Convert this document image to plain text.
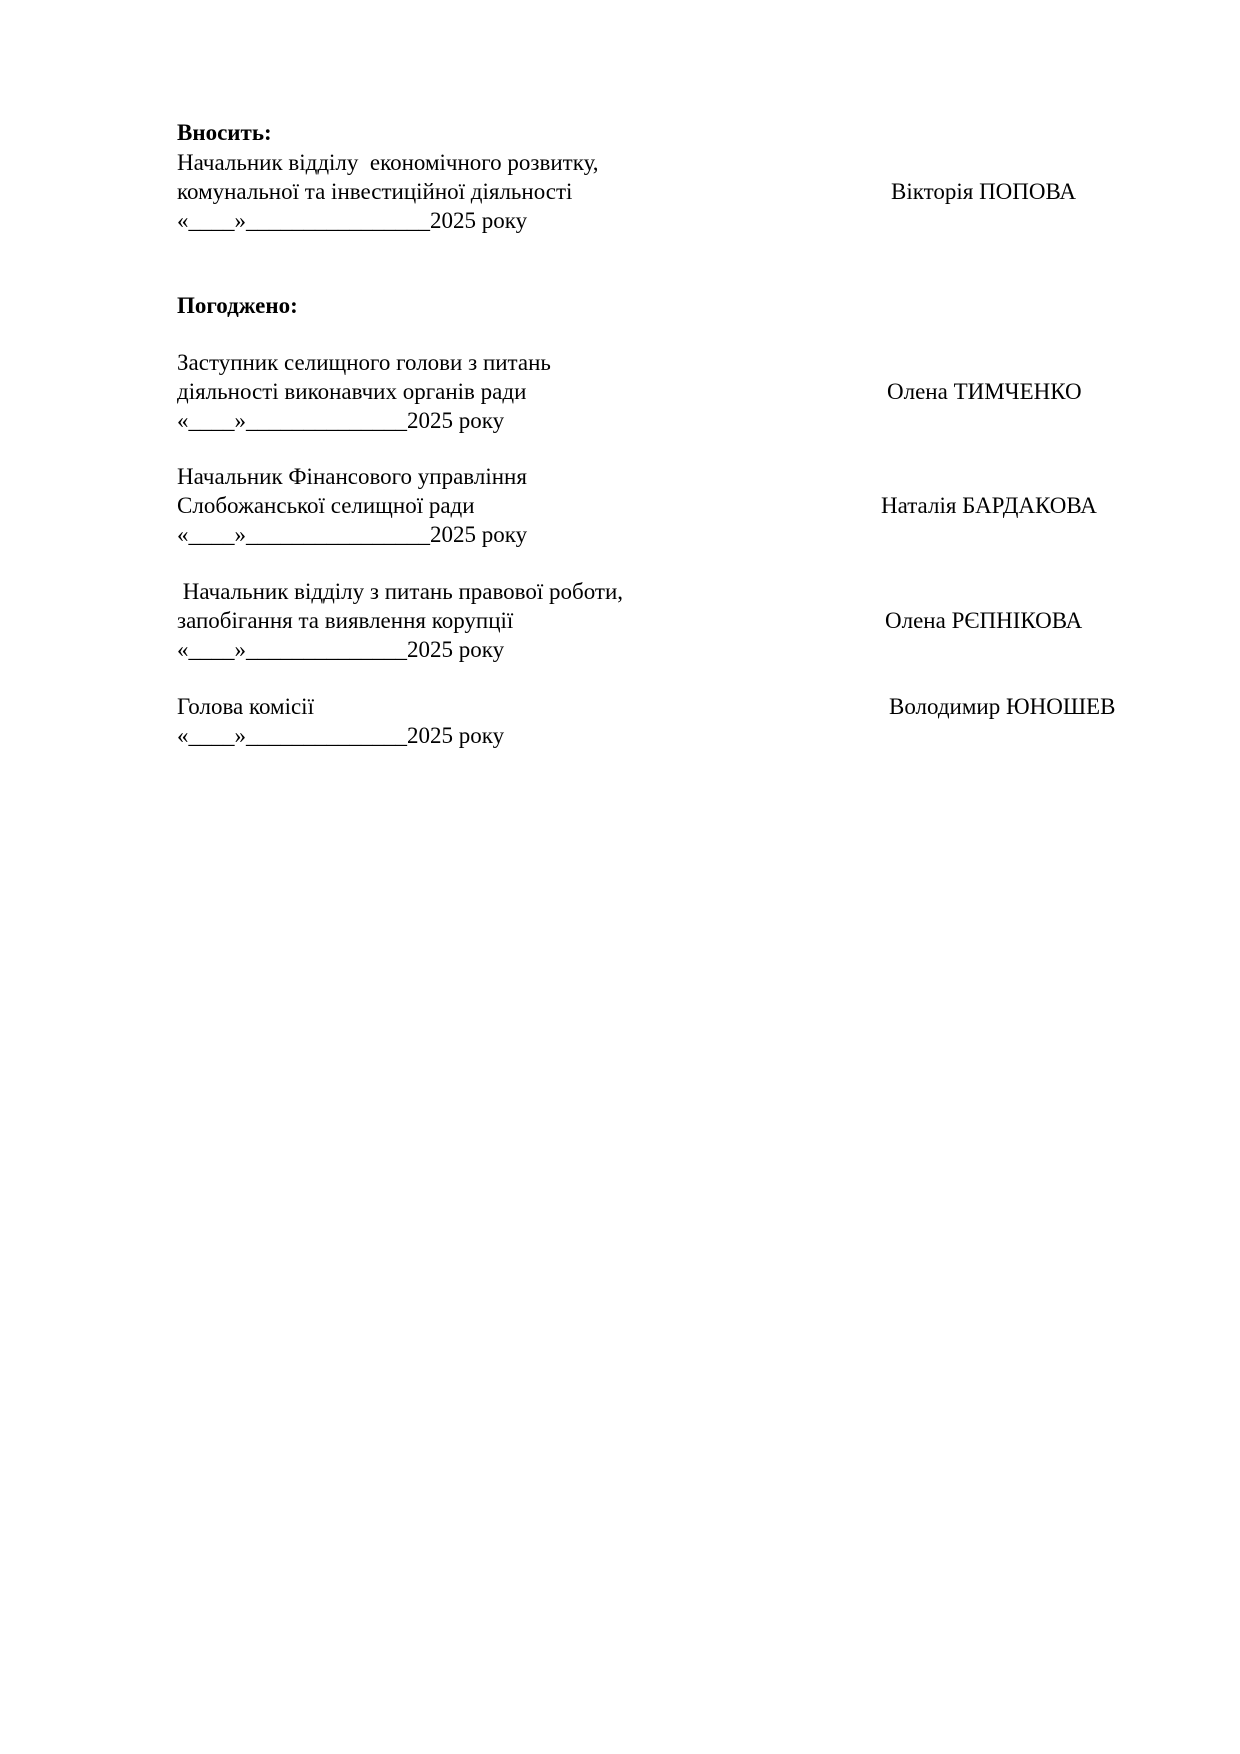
Вносить:
Начальник відділу  економічного розвитку,
комунальної та інвестиційної діяльності	Вікторія ПОПОВА
«____»________________2025 року
Погоджено:
Заступник селищного голови з питань
діяльності виконавчих органів ради	Олена ТИМЧЕНКО
«____»______________2025 року
Начальник Фінансового управління
Слобожанської селищної ради	Наталія БАРДАКОВА
«____»________________2025 року
Начальник відділу з питань правової роботи,
запобігання та виявлення корупції	Олена РЄПНІКОВА
«____»______________2025 року
Голова комісії	Володимир ЮНОШЕВ
«____»______________2025 року
